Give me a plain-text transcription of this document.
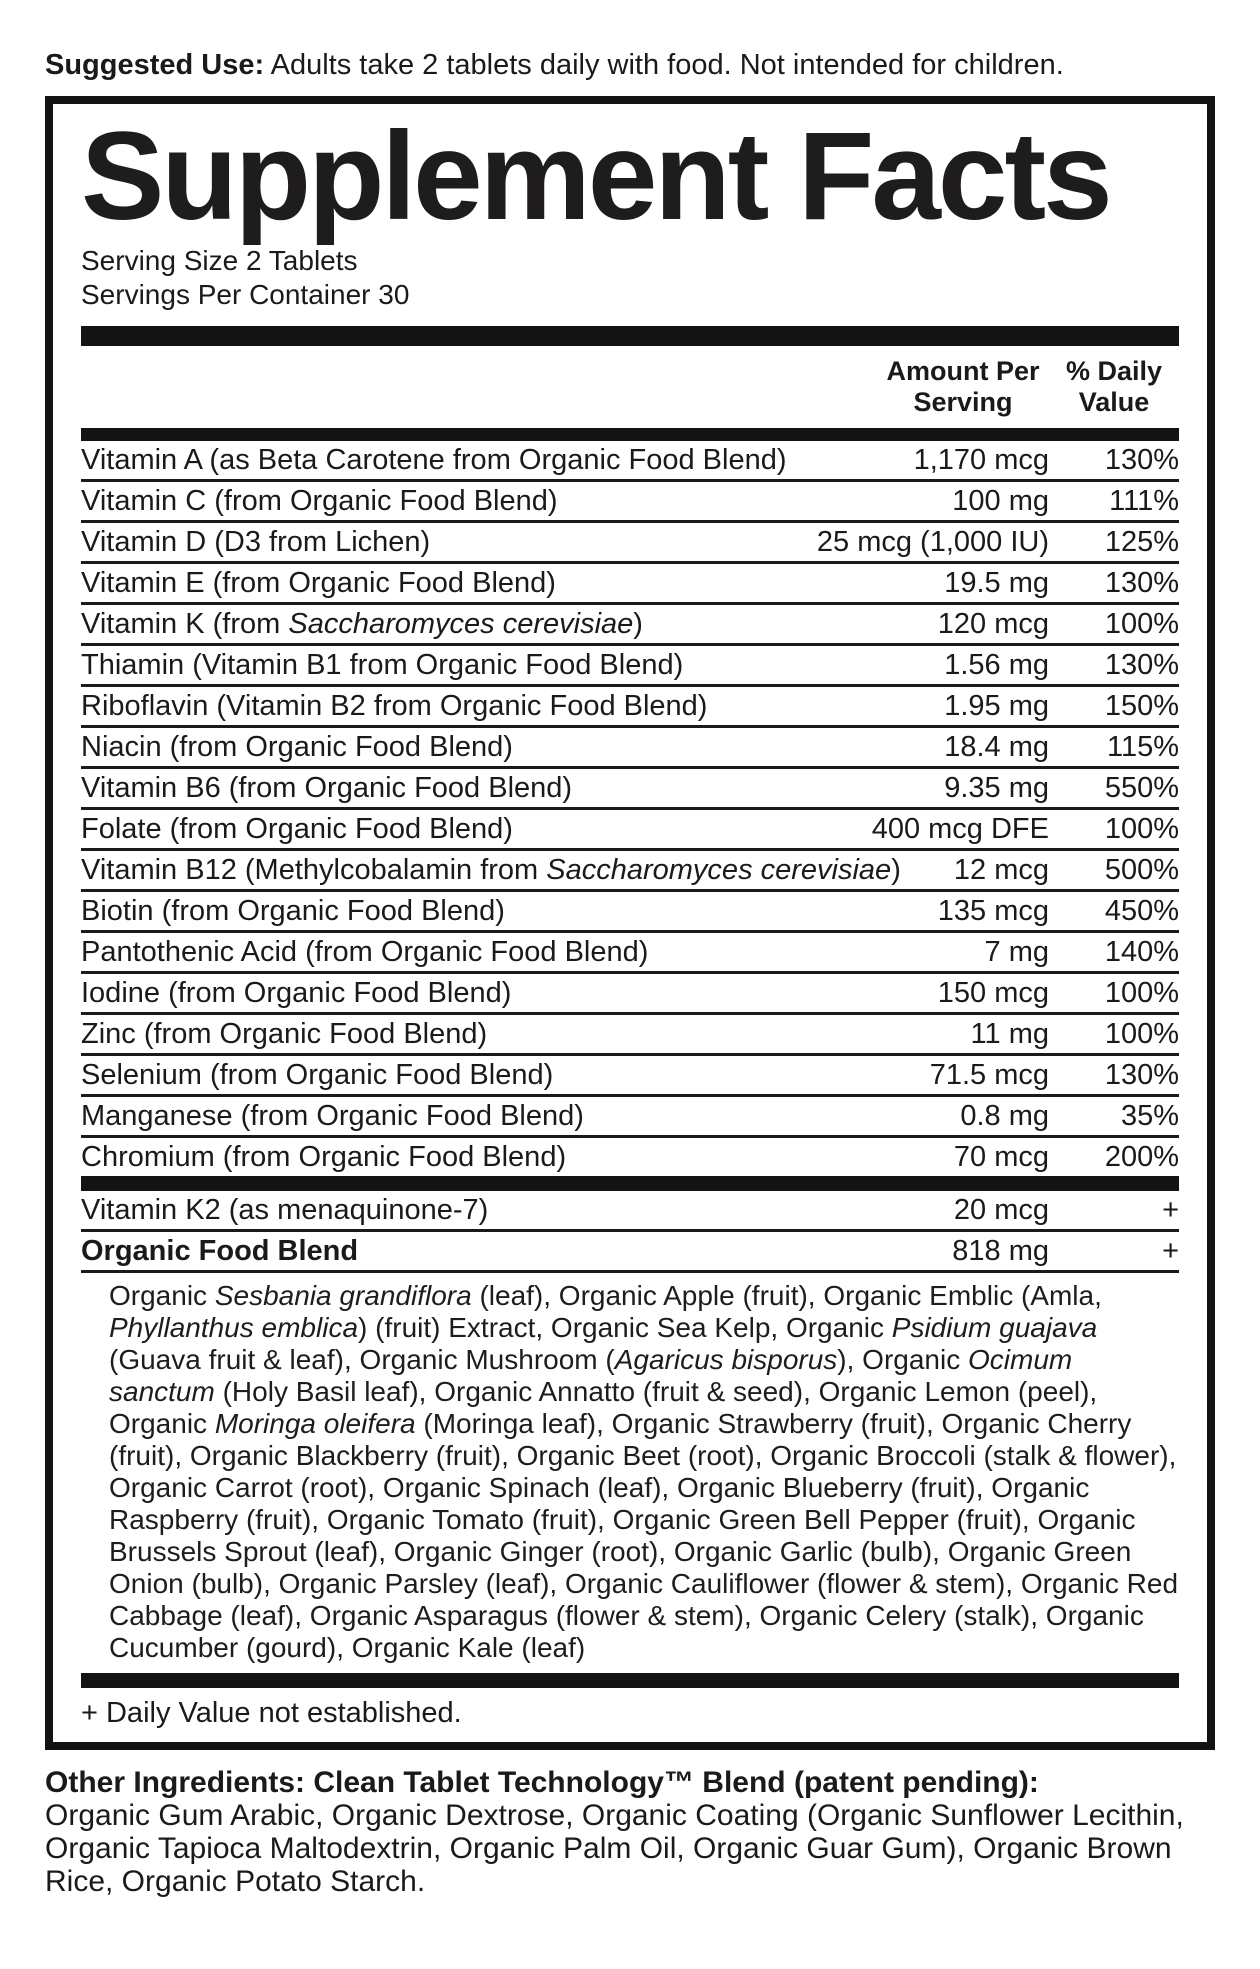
Suggested Use: Adults take 2 tablets daily with food. Not intended for children.

Supplement Facts

Serving Size 2 Tablets

Servings Per Container 30

Amount Per Serving
% Daily Value
Vitamin A (as Beta Carotene from Organic Food Blend)	1,170 mcg	130%
Vitamin C (from Organic Food Blend)	100 mg	111%
Vitamin D (D3 from Lichen)	25 mcg (1,000 IU)	125%
Vitamin E (from Organic Food Blend)	19.5 mg	130%
Vitamin K (from Saccharomyces cerevisiae)	120 mcg	100%
Thiamin (Vitamin B1 from Organic Food Blend)	1.56 mg	130%
Riboflavin (Vitamin B2 from Organic Food Blend)	1.95 mg	150%
Niacin (from Organic Food Blend)	18.4 mg	115%
Vitamin B6 (from Organic Food Blend)	9.35 mg	550%
Folate (from Organic Food Blend)	400 mcg DFE	100%
Vitamin B12 (Methylcobalamin from Saccharomyces cerevisiae)	12 mcg	500%
Biotin (from Organic Food Blend)	135 mcg	450%
Pantothenic Acid (from Organic Food Blend)	7 mg	140%
Iodine (from Organic Food Blend)	150 mcg	100%
Zinc (from Organic Food Blend)	11 mg	100%
Selenium (from Organic Food Blend)	71.5 mcg	130%
Manganese (from Organic Food Blend)	0.8 mg	35%
Chromium (from Organic Food Blend)	70 mcg	200%
Vitamin K2 (as menaquinone-7)	20 mcg	+
Organic Food Blend	818 mg	+

Organic Sesbania grandiflora (leaf), Organic Apple (fruit), Organic Emblic (Amla, Phyllanthus emblica) (fruit) Extract, Organic Sea Kelp, Organic Psidium guajava (Guava fruit & leaf), Organic Mushroom (Agaricus bisporus), Organic Ocimum sanctum (Holy Basil leaf), Organic Annatto (fruit & seed), Organic Lemon (peel), Organic Moringa oleifera (Moringa leaf), Organic Strawberry (fruit), Organic Cherry (fruit), Organic Blackberry (fruit), Organic Beet (root), Organic Broccoli (stalk & flower), Organic Carrot (root), Organic Spinach (leaf), Organic Blueberry (fruit), Organic Raspberry (fruit), Organic Tomato (fruit), Organic Green Bell Pepper (fruit), Organic Brussels Sprout (leaf), Organic Ginger (root), Organic Garlic (bulb), Organic Green Onion (bulb), Organic Parsley (leaf), Organic Cauliflower (flower & stem), Organic Red Cabbage (leaf), Organic Asparagus (flower & stem), Organic Celery (stalk), Organic Cucumber (gourd), Organic Kale (leaf)

+ Daily Value not established.

Other Ingredients: Clean Tablet Technology™ Blend (patent pending):
Organic Gum Arabic, Organic Dextrose, Organic Coating (Organic Sunflower Lecithin, Organic Tapioca Maltodextrin, Organic Palm Oil, Organic Guar Gum), Organic Brown Rice, Organic Potato Starch.
